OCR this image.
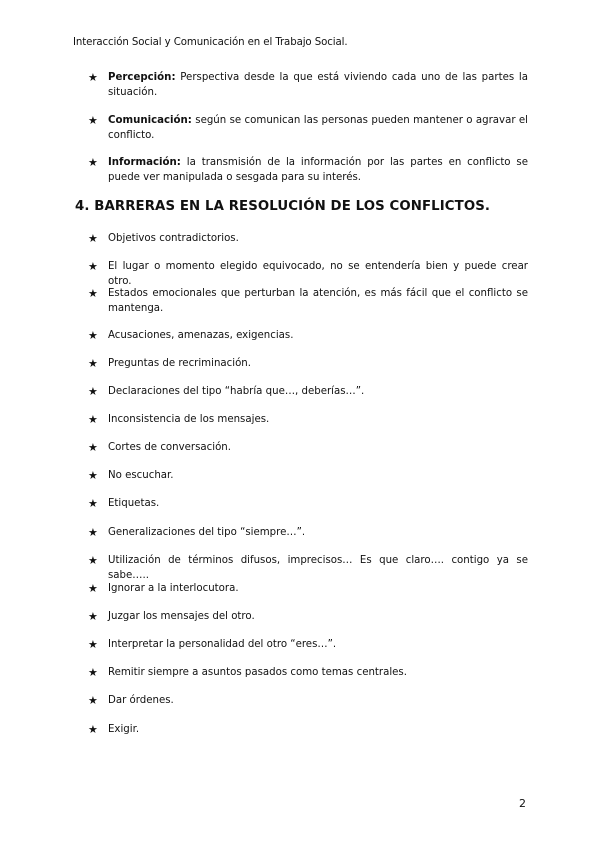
Interacción Social y Comunicación en el Trabajo Social.
★ Percepción: Perspectiva desde la que está viviendo cada uno de las partes la situación.
★ Comunicación: según se comunican las personas pueden mantener o agravar el conflicto.
★ Información: la transmisión de la información por las partes en conflicto se puede ver manipulada o sesgada para su interés.
4. BARRERAS EN LA RESOLUCIÓN DE LOS CONFLICTOS.
★ Objetivos contradictorios.
★ El lugar o momento elegido equivocado, no se entendería bien y puede crear otro.
★ Estados emocionales que perturban la atención, es más fácil que el conflicto se mantenga.
★ Acusaciones, amenazas, exigencias.
★ Preguntas de recriminación.
★ Declaraciones del tipo “habría que…, deberías…”.
★ Inconsistencia de los mensajes.
★ Cortes de conversación.
★ No escuchar.
★ Etiquetas.
★ Generalizaciones del tipo “siempre…”.
★ Utilización de términos difusos, imprecisos… Es que claro…. contigo ya se sabe…..
★ Ignorar a la interlocutora.
★ Juzgar los mensajes del otro.
★ Interpretar la personalidad del otro “eres…”.
★ Remitir siempre a asuntos pasados como temas centrales.
★ Dar órdenes.
★ Exigir.
2
